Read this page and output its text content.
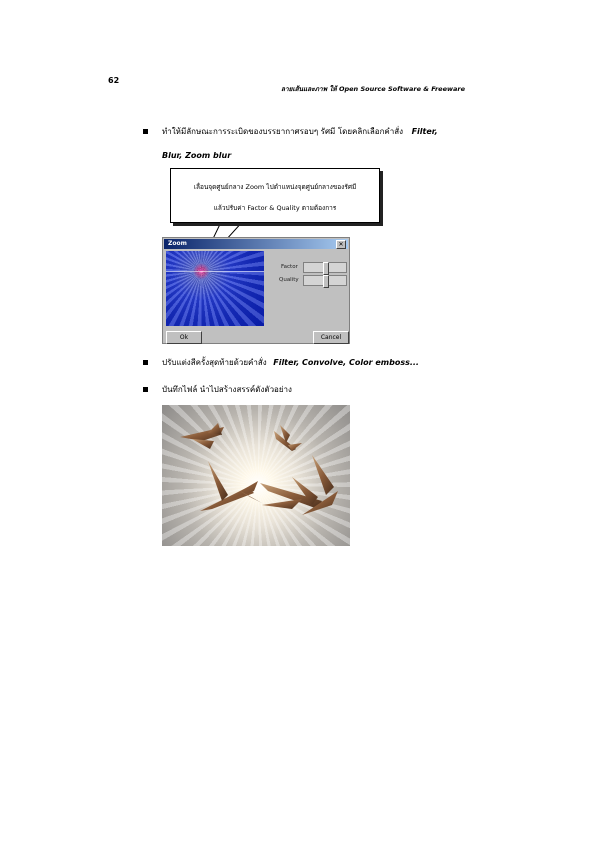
62
ลายเส้นและภาพ ให้ Open Source Software & Freeware
ทำให้มีลักษณะการระเบิดของบรรยากาศรอบๆ รัศมี โดยคลิกเลือกคำสั่ง Filter,
Blur, Zoom blur
เลื่อนจุดศูนย์กลาง Zoom ไปตำแหน่งจุดศูนย์กลางของรัศมี
แล้วปรับค่า Factor & Quality ตามต้องการ
Zoom	✕
Factor
Quality
Ok	Cancel
ปรับแต่งสีครั้งสุดท้ายด้วยคำสั่ง Filter, Convolve, Color emboss...
บันทึกไฟล์ นำไปสร้างสรรค์ดังตัวอย่าง
